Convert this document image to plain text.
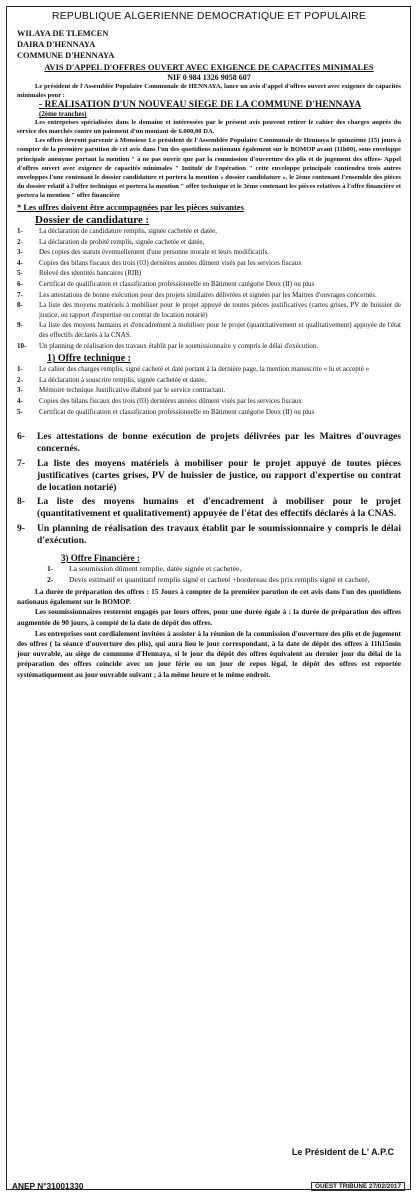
REPUBLIQUE ALGERIENNE DEMOCRATIQUE ET POPULAIRE
WILAYA DE TLEMCEN
DAIRA D'HENNAYA
COMMUNE D'HENNAYA
AVIS D'APPEL D'OFFRES OUVERT AVEC EXIGENCE DE CAPACITES MINIMALES
NIF 0 984 1326 9058 607

Le président de l'Assemblée Populaire Communale de HENNAYA, lance un avis d'appel d'offres ouvert avec exigence de capacités minimales pour :

- REALISATION D'UN NOUVEAU SIEGE DE LA COMMUNE D'HENNAYA
(2ème tranches)

Les entreprises spécialisées dans le domaine et intéressées par le présent avis peuvent retirer le cahier des charges auprès du service des marchés contre un paiement d'un montant de 6.000,00 DA.

Les offres devront parvenir à Monsieur Le président de l'Assemblée Populaire Communale de Hennaya le quinzième (15) jours à compter de la première parution de cet avis dans l'un des quotidiens nationaux également sur le BOMOP avant (11h00), sous enveloppe principale anonyme portant la mention " à ne pas ouvrir que par la commission d'ouverture des plis et de jugement des offres- Appel d'offres ouvert avec exigence de capacités minimales " Intitulé de l'opération " cette enveloppe principale contiendra trois autres enveloppes l'une contenant le dossier candidature et portera la mention « dossier candidature », le 2ème contenant l'ensemble des pièces du dossier relatif à l'offre technique et portera la mention " offre technique et le 3ème contenant les pièces relatives à l'offre financière et portera la mention " offre financière

* Les offres doivent être accompagnées par les pièces suivantes
Dossier de candidature :
1-	La déclaration de candidature remplis, signée cachetée et datée,
2-	La déclaration de probité remplis, signée cachetée et datée,
3-	Des copies des statuts éventuellement d'une personne morale et leurs modificatifs.
4-	Copies des bilans fiscaux des trois (03) dernières années dûment visés par les services fiscaux
5-	Relevé des identités bancaires (RIB)
6-	Certificat de qualification et classification professionnelle en Bâtiment catégorie Deux (II) ou plus
7-	Les attestations de bonne exécution pour des projets similaires délivrées et signées par les Maitres d'ouvrages concernés.
8-	La liste des moyens matériels à mobiliser pour le projet appuyé de toutes pièces justificatives (cartes grises, PV de huissier de justice, ou rapport d'expertise ou contrat de location notarié)
9-	La liste des moyens humains et d'encadrement à mobiliser pour le projet (quantitativement et qualitativement) appuyée de l'état des effectifs déclarés à la CNAS.
10-	Un planning de réalisation des travaux établit par le soumissionnaire y compris le délai d'exécution.
1) Offre technique :
1-	Le cahier des charges remplis, signé cacheté et daté portant à la dernière page, la mention manuscrite « lu et accepté »
2-	La déclaration à souscrire remplis, signée cachetée et datée,
3-	Mémoire technique Justificative élaboré par le service contractant.
4-	Copies des bilans fiscaux des trois (03) dernières années dûment visés par les services fiscaux
5-	Certificat de qualification et classification professionnelle en Bâtiment catégorie Deux (II) ou plus
6-	Les attestations de bonne exécution de projets délivrées par les Maitres d'ouvrages concernés.
7-	La liste des moyens matériels à mobiliser pour le projet appuyé de toutes pièces justificatives (cartes grises, PV de huissier de justice, ou rapport d'expertise ou contrat de location notarié)
8-	La liste des moyens humains et d'encadrement à mobiliser pour le projet (quantitativement et qualitativement) appuyée de l'état des effectifs déclarés à la CNAS.
9-	Un planning de réalisation des travaux établit par le soumissionnaire y compris le délai d'exécution.
3) Offre Financière :
1-	La soumission dûment remplie, datée signée et cachetée,
2-	Devis estimatif et quantitatif remplis signé et cacheté +bordereau des prix remplis signé et cacheté,

La durée de préparation des offres : 15 Jours à compter de la première parution de cet avis dans l'un des quotidiens nationaux également sur le BOMOP.

Les soumissionnaires resteront engagés par leurs offres, pour une durée égale à : la durée de préparation des offres augmentée de 90 jours, à compté de la date de dépôt des offres.

Les entreprises sont cordialement invitées à assister à la réunion de la commission d'ouverture des plis et de jugement des offres ( la séance d'ouverture des plis), qui aura lieu le jour correspondant, à la date de dépôt des offres à 11h15min jour ouvrable, au siège de commune d'Hennaya, si le jour du dépôt des offres équivalent au dernier jour du délai de la préparation des offres coïncide avec un jour férie ou un jour de repos légal, le dépôt des offres est reportée systématiquement au jour ouvrable suivant ; à la même heure et le même endroit.

Le Président de L' A.P.C
ANEP N°31001330	OUEST TRIBUNE 27/02/2017
